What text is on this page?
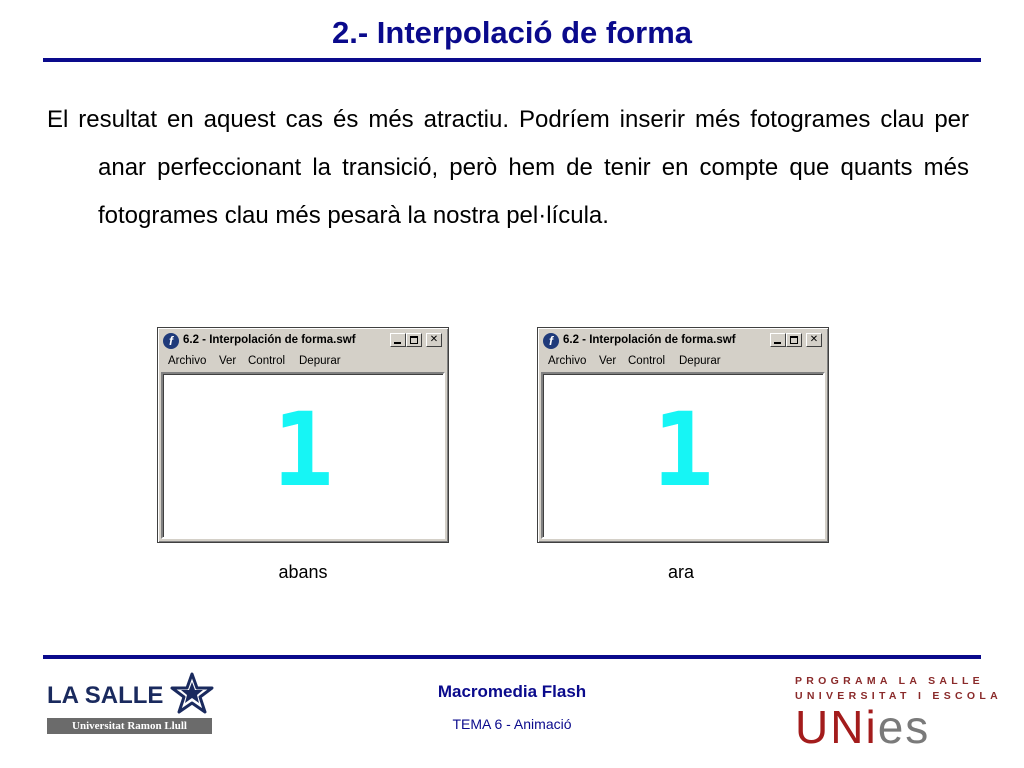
2.- Interpolació de forma
El resultat en aquest cas és més atractiu. Podríem inserir més fotogrames clau per anar perfeccionant la transició, però hem de tenir en compte que quants més fotogrames clau més pesarà la nostra pel·lícula.
f 6.2 - Interpolación de forma.swf	✕
Archivo Ver Control Depurar
1
abans
f 6.2 - Interpolación de forma.swf	✕
Archivo Ver Control Depurar
1
ara
LA SALLE
Universitat Ramon Llull
Macromedia Flash
TEMA 6 - Animació
PROGRAMA LA SALLE
UNIVERSITAT I ESCOLA
UNies
